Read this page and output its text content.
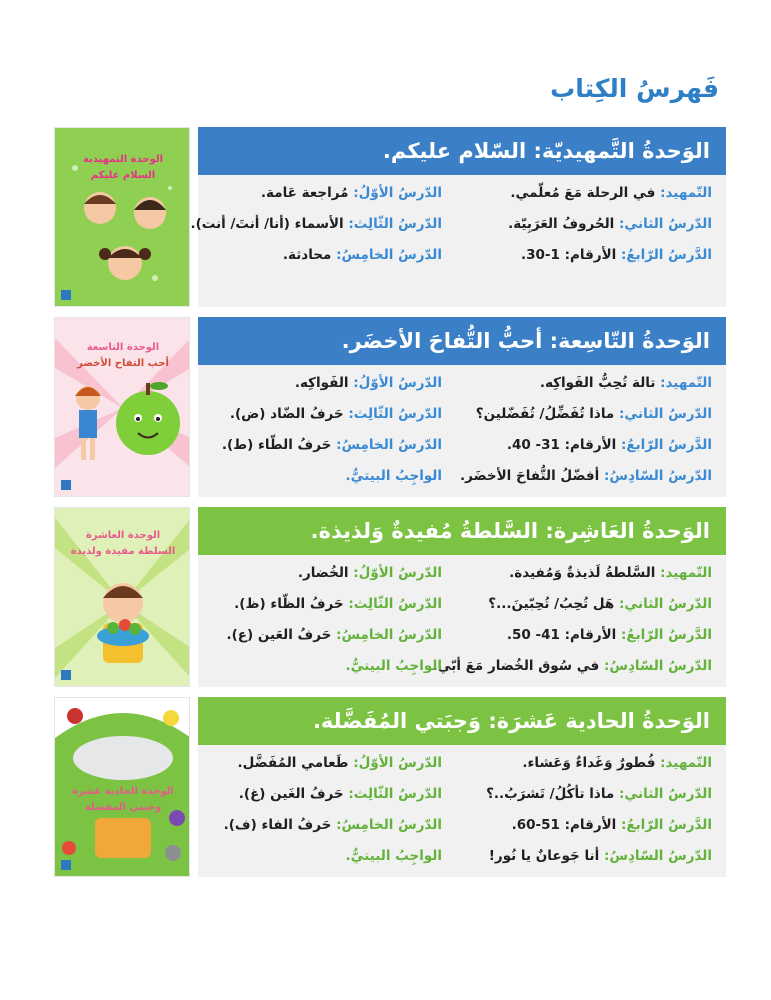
فَهرسُ الكِتاب
الوحدة التمهيدية
السلام عليكم
الوَحدةُ التَّمهيديّة: السّلام عليكم.
التّمهيد: في الرحلة مَعَ مُعلّمي.
الدّرسُ الأوّلُ: مُراجعة عَامة.
الدّرسُ الثاني: الحُروفُ العَرَبِيّة.
الدّرسُ الثّالِث: الأسماء (أنا/ أنتَ/ أنت).
الدَّرسُ الرّابعُ: الأرقام: 1-30.
الدّرسُ الخامِسُ: محادثة.
الوحدة التاسعة
أحب التفاح الأخضر
الوَحدةُ التّاسِعة: أحبُّ التُّفاحَ الأخضَر.
التّمهيد: تالة تُحِبُّ الفَواكِه.
الدّرسُ الأوّلُ: الفَواكِه.
الدّرسُ الثاني: ماذا تُفَضِّلُ/ تُفَضّلين؟
الدّرسُ الثّالِث: حَرفُ الضّاد (ض).
الدَّرسُ الرّابعُ: الأرقام: 31- 40.
الدّرسُ الخامِسُ: حَرفُ الطّاء (ط).
الدّرسُ السّادِسُ: أفضّلُ التُّفاحَ الأخضَر.
الواجِبُ البيتيُّ.
الوحدة العاشرة
السلطة مفيدة ولذيذة
الوَحدةُ العَاشِرة: السَّلطةُ مُفيدةٌ وَلذيذة.
التّمهيد: السَّلطةُ لَذيذةٌ وَمُفيدة.
الدّرسُ الأوّلُ: الخُضار.
الدّرسُ الثاني: هَل تُحِبُ/ تُحِبّينَ...؟
الدّرسُ الثّالِث: حَرفُ الظّاء (ظ).
الدَّرسُ الرّابعُ: الأرقام: 41- 50.
الدّرسُ الخامِسُ: حَرفُ العَين (ع).
الدّرسُ السّادِسُ: في سُوق الخُضار مَعَ أبّي.
الواجِبُ البيتيُّ.
الوحدة الحادية عشرة
وجبتي المفضلة
الوَحدةُ الحادية عَشرَة: وَجبَتي المُفَضَّلة.
التّمهيد: فُطورٌ وَغَداءٌ وَعَشاء.
الدّرسُ الأوّلُ: طَعامي المُفَضَّل.
الدّرسُ الثاني: ماذا تأكُلُ/ تَشرَبُ..؟
الدّرسُ الثّالِث: حَرفُ الغَين (غ).
الدَّرسُ الرّابعُ: الأرقام: 51-60.
الدّرسُ الخامِسُ: حَرفُ الفاء (ف).
الدّرسُ السّادِسُ: أنا جَوعانٌ يا نُور!
الواجِبُ البيتيُّ.
